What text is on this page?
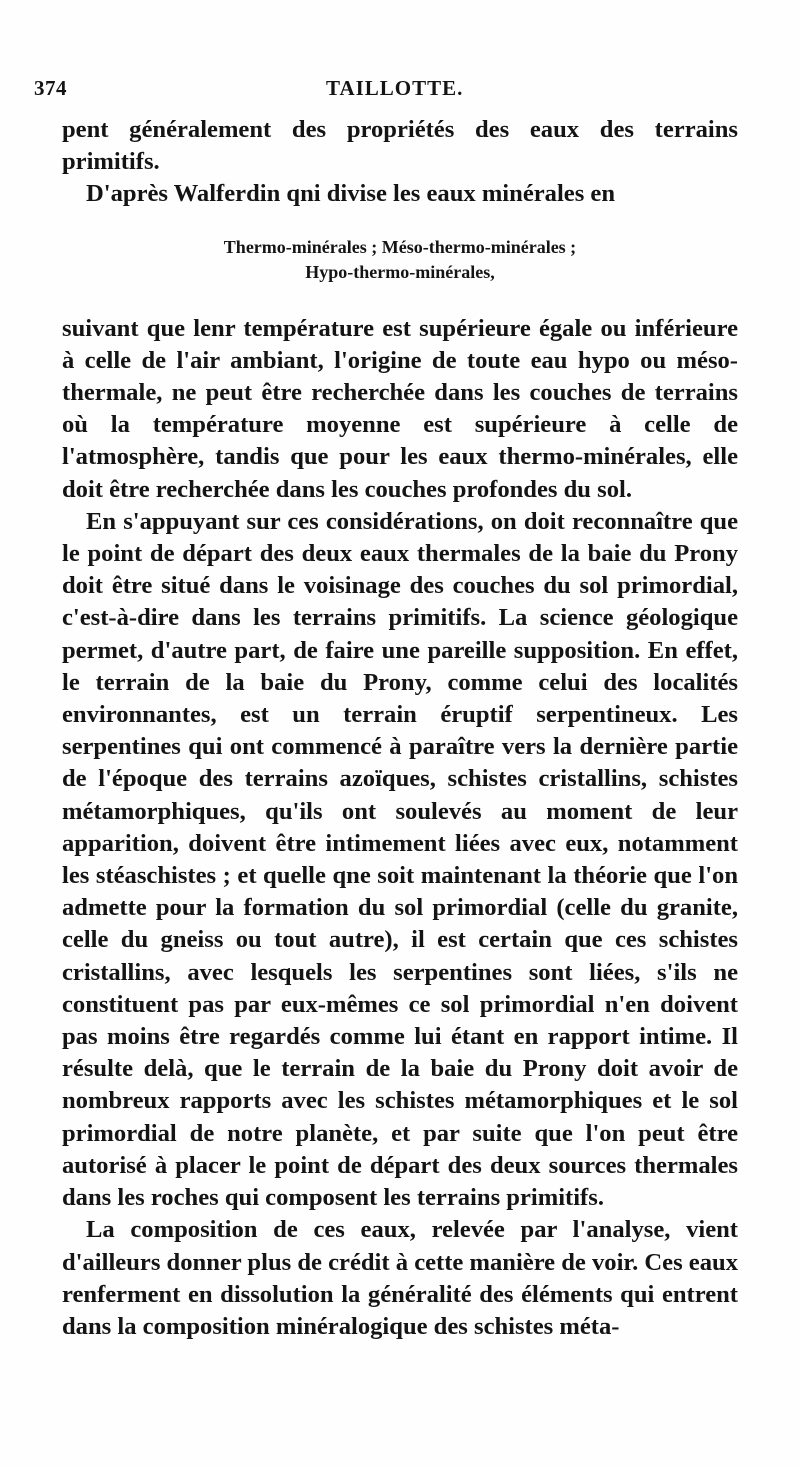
374	TAILLOTTE.

pent généralement des propriétés des eaux des terrains primitifs.

D'après Walferdin qni divise les eaux minérales en

Thermo-minérales ; Méso-thermo-minérales ;
Hypo-thermo-minérales,

suivant que lenr température est supérieure égale ou inférieure à celle de l'air ambiant, l'origine de toute eau hypo ou méso-thermale, ne peut être recherchée dans les couches de terrains où la température moyenne est supérieure à celle de l'atmosphère, tandis que pour les eaux thermo-minérales, elle doit être recherchée dans les couches profondes du sol.

En s'appuyant sur ces considérations, on doit reconnaître que le point de départ des deux eaux thermales de la baie du Prony doit être situé dans le voisinage des couches du sol primordial, c'est-à-dire dans les terrains primitifs. La science géologique permet, d'autre part, de faire une pareille supposition. En effet, le terrain de la baie du Prony, comme celui des localités environnantes, est un terrain éruptif serpentineux. Les serpentines qui ont commencé à paraître vers la dernière partie de l'époque des terrains azoïques, schistes cristallins, schistes métamorphiques, qu'ils ont soulevés au moment de leur apparition, doivent être intimement liées avec eux, notamment les stéaschistes ; et quelle qne soit maintenant la théorie que l'on admette pour la formation du sol primordial (celle du granite, celle du gneiss ou tout autre), il est certain que ces schistes cristallins, avec lesquels les serpentines sont liées, s'ils ne constituent pas par eux-mêmes ce sol primordial n'en doivent pas moins être regardés comme lui étant en rapport intime. Il résulte delà, que le terrain de la baie du Prony doit avoir de nombreux rapports avec les schistes métamorphiques et le sol primordial de notre planète, et par suite que l'on peut être autorisé à placer le point de départ des deux sources thermales dans les roches qui composent les terrains primitifs.

La composition de ces eaux, relevée par l'analyse, vient d'ailleurs donner plus de crédit à cette manière de voir. Ces eaux renferment en dissolution la généralité des éléments qui entrent dans la composition minéralogique des schistes méta-
